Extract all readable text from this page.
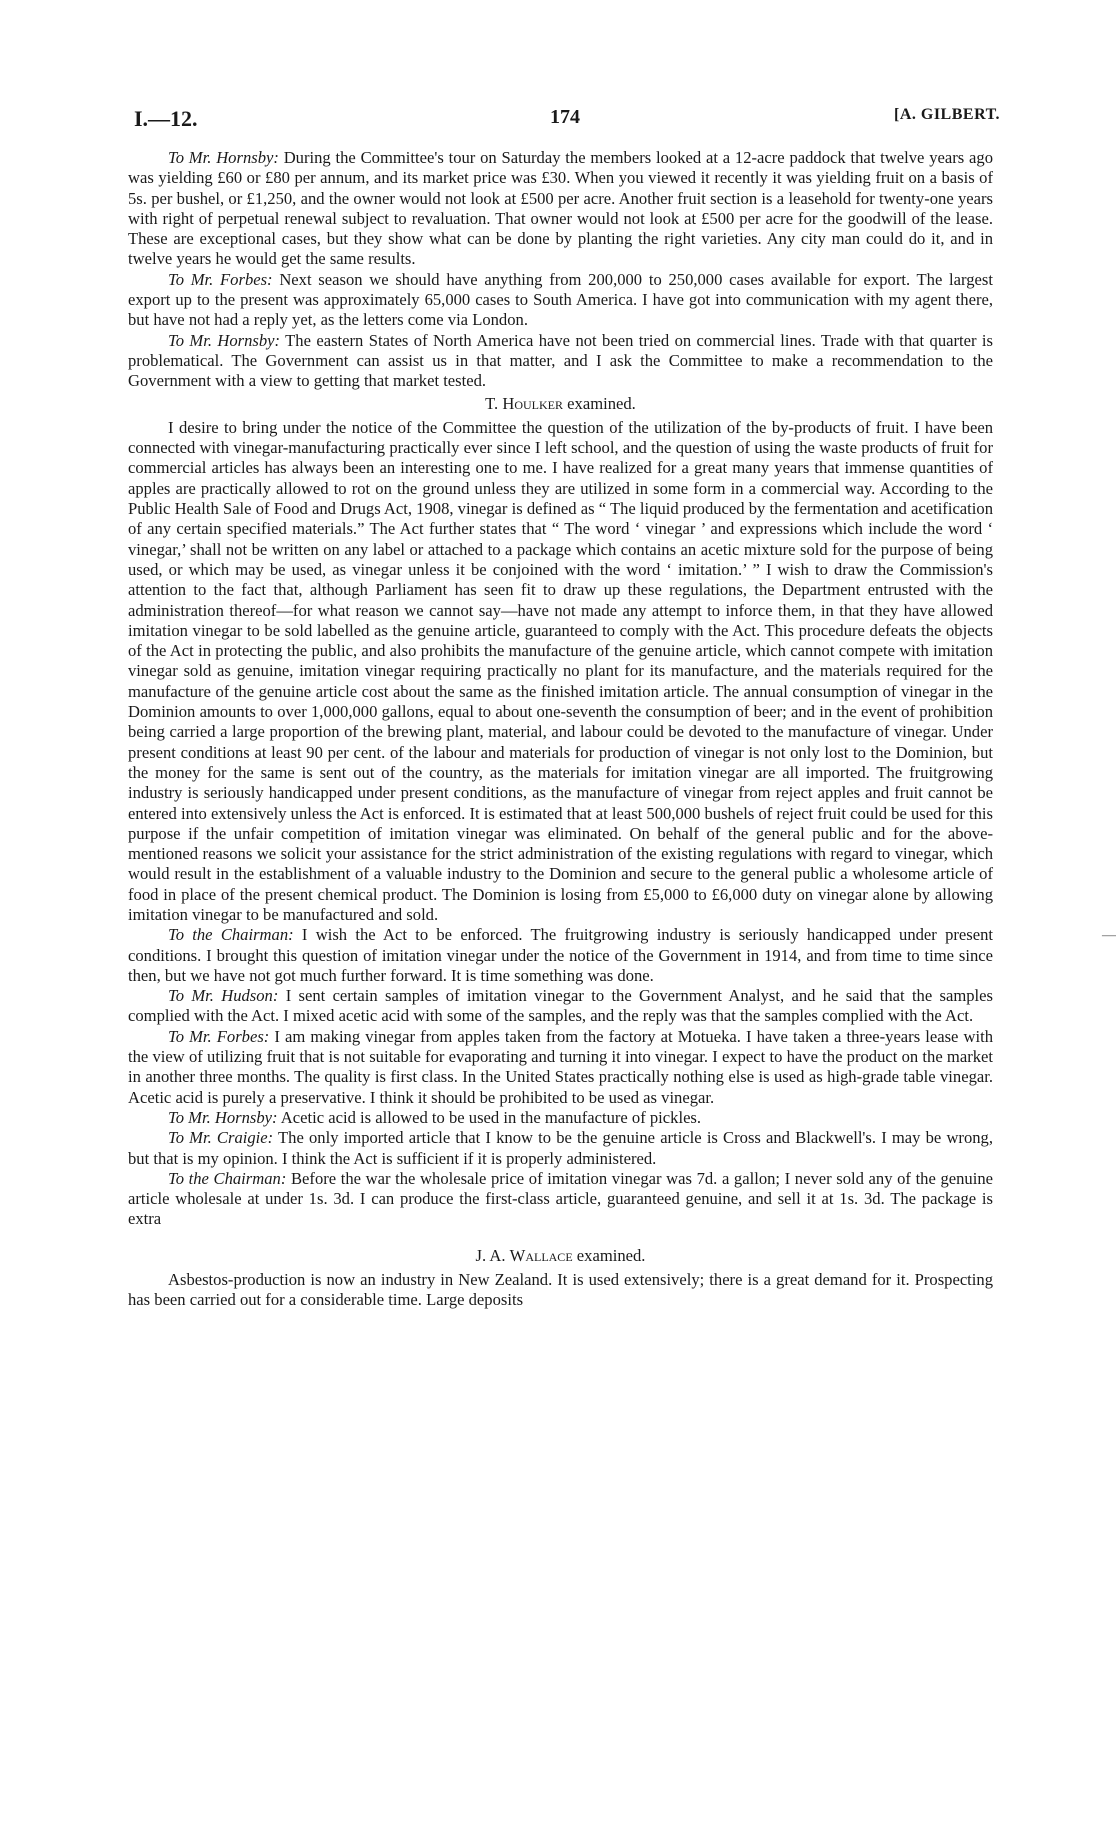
I.—12.	174	[A. GILBERT.

To Mr. Hornsby: During the Committee's tour on Saturday the members looked at a 12-acre paddock that twelve years ago was yielding £60 or £80 per annum, and its market price was £30. When you viewed it recently it was yielding fruit on a basis of 5s. per bushel, or £1,250, and the owner would not look at £500 per acre. Another fruit section is a leasehold for twenty-one years with right of perpetual renewal subject to revaluation. That owner would not look at £500 per acre for the goodwill of the lease. These are exceptional cases, but they show what can be done by planting the right varieties. Any city man could do it, and in twelve years he would get the same results.

To Mr. Forbes: Next season we should have anything from 200,000 to 250,000 cases available for export. The largest export up to the present was approximately 65,000 cases to South America. I have got into communication with my agent there, but have not had a reply yet, as the letters come via London.

To Mr. Hornsby: The eastern States of North America have not been tried on commercial lines. Trade with that quarter is problematical. The Government can assist us in that matter, and I ask the Committee to make a recommendation to the Government with a view to getting that market tested.

T. Houlker examined.

I desire to bring under the notice of the Committee the question of the utilization of the by-products of fruit. I have been connected with vinegar-manufacturing practically ever since I left school, and the question of using the waste products of fruit for commercial articles has always been an interesting one to me. I have realized for a great many years that immense quantities of apples are practically allowed to rot on the ground unless they are utilized in some form in a commercial way. According to the Public Health Sale of Food and Drugs Act, 1908, vinegar is defined as “ The liquid produced by the fermentation and acetification of any certain specified materials.” The Act further states that “ The word ‘ vinegar ’ and expressions which include the word ‘ vinegar,’ shall not be written on any label or attached to a package which contains an acetic mixture sold for the purpose of being used, or which may be used, as vinegar unless it be conjoined with the word ‘ imitation.’ ” I wish to draw the Commission's attention to the fact that, although Parliament has seen fit to draw up these regulations, the Department entrusted with the administration thereof—for what reason we cannot say—have not made any attempt to inforce them, in that they have allowed imitation vinegar to be sold labelled as the genuine article, guaranteed to comply with the Act. This procedure defeats the objects of the Act in protecting the public, and also prohibits the manufacture of the genuine article, which cannot compete with imitation vinegar sold as genuine, imitation vinegar requiring practically no plant for its manufacture, and the materials required for the manufacture of the genuine article cost about the same as the finished imitation article. The annual consumption of vinegar in the Dominion amounts to over 1,000,000 gallons, equal to about one-seventh the consumption of beer; and in the event of prohibition being carried a large proportion of the brewing plant, material, and labour could be devoted to the manufacture of vinegar. Under present conditions at least 90 per cent. of the labour and materials for production of vinegar is not only lost to the Dominion, but the money for the same is sent out of the country, as the materials for imitation vinegar are all imported. The fruitgrowing industry is seriously handicapped under present conditions, as the manufacture of vinegar from reject apples and fruit cannot be entered into extensively unless the Act is enforced. It is estimated that at least 500,000 bushels of reject fruit could be used for this purpose if the unfair competition of imitation vinegar was eliminated. On behalf of the general public and for the above-mentioned reasons we solicit your assistance for the strict administration of the existing regulations with regard to vinegar, which would result in the establishment of a valuable industry to the Dominion and secure to the general public a wholesome article of food in place of the present chemical product. The Dominion is losing from £5,000 to £6,000 duty on vinegar alone by allowing imitation vinegar to be manufactured and sold.

To the Chairman: I wish the Act to be enforced. The fruitgrowing industry is seriously handicapped under present conditions. I brought this question of imitation vinegar under the notice of the Government in 1914, and from time to time since then, but we have not got much further forward. It is time something was done.

To Mr. Hudson: I sent certain samples of imitation vinegar to the Government Analyst, and he said that the samples complied with the Act. I mixed acetic acid with some of the samples, and the reply was that the samples complied with the Act.

To Mr. Forbes: I am making vinegar from apples taken from the factory at Motueka. I have taken a three-years lease with the view of utilizing fruit that is not suitable for evaporating and turning it into vinegar. I expect to have the product on the market in another three months. The quality is first class. In the United States practically nothing else is used as high-grade table vinegar. Acetic acid is purely a preservative. I think it should be prohibited to be used as vinegar.

To Mr. Hornsby: Acetic acid is allowed to be used in the manufacture of pickles.

To Mr. Craigie: The only imported article that I know to be the genuine article is Cross and Blackwell's. I may be wrong, but that is my opinion. I think the Act is sufficient if it is properly administered.

To the Chairman: Before the war the wholesale price of imitation vinegar was 7d. a gallon; I never sold any of the genuine article wholesale at under 1s. 3d. I can produce the first-class article, guaranteed genuine, and sell it at 1s. 3d. The package is extra

J. A. Wallace examined.

Asbestos-production is now an industry in New Zealand. It is used extensively; there is a great demand for it. Prospecting has been carried out for a considerable time. Large deposits

—
